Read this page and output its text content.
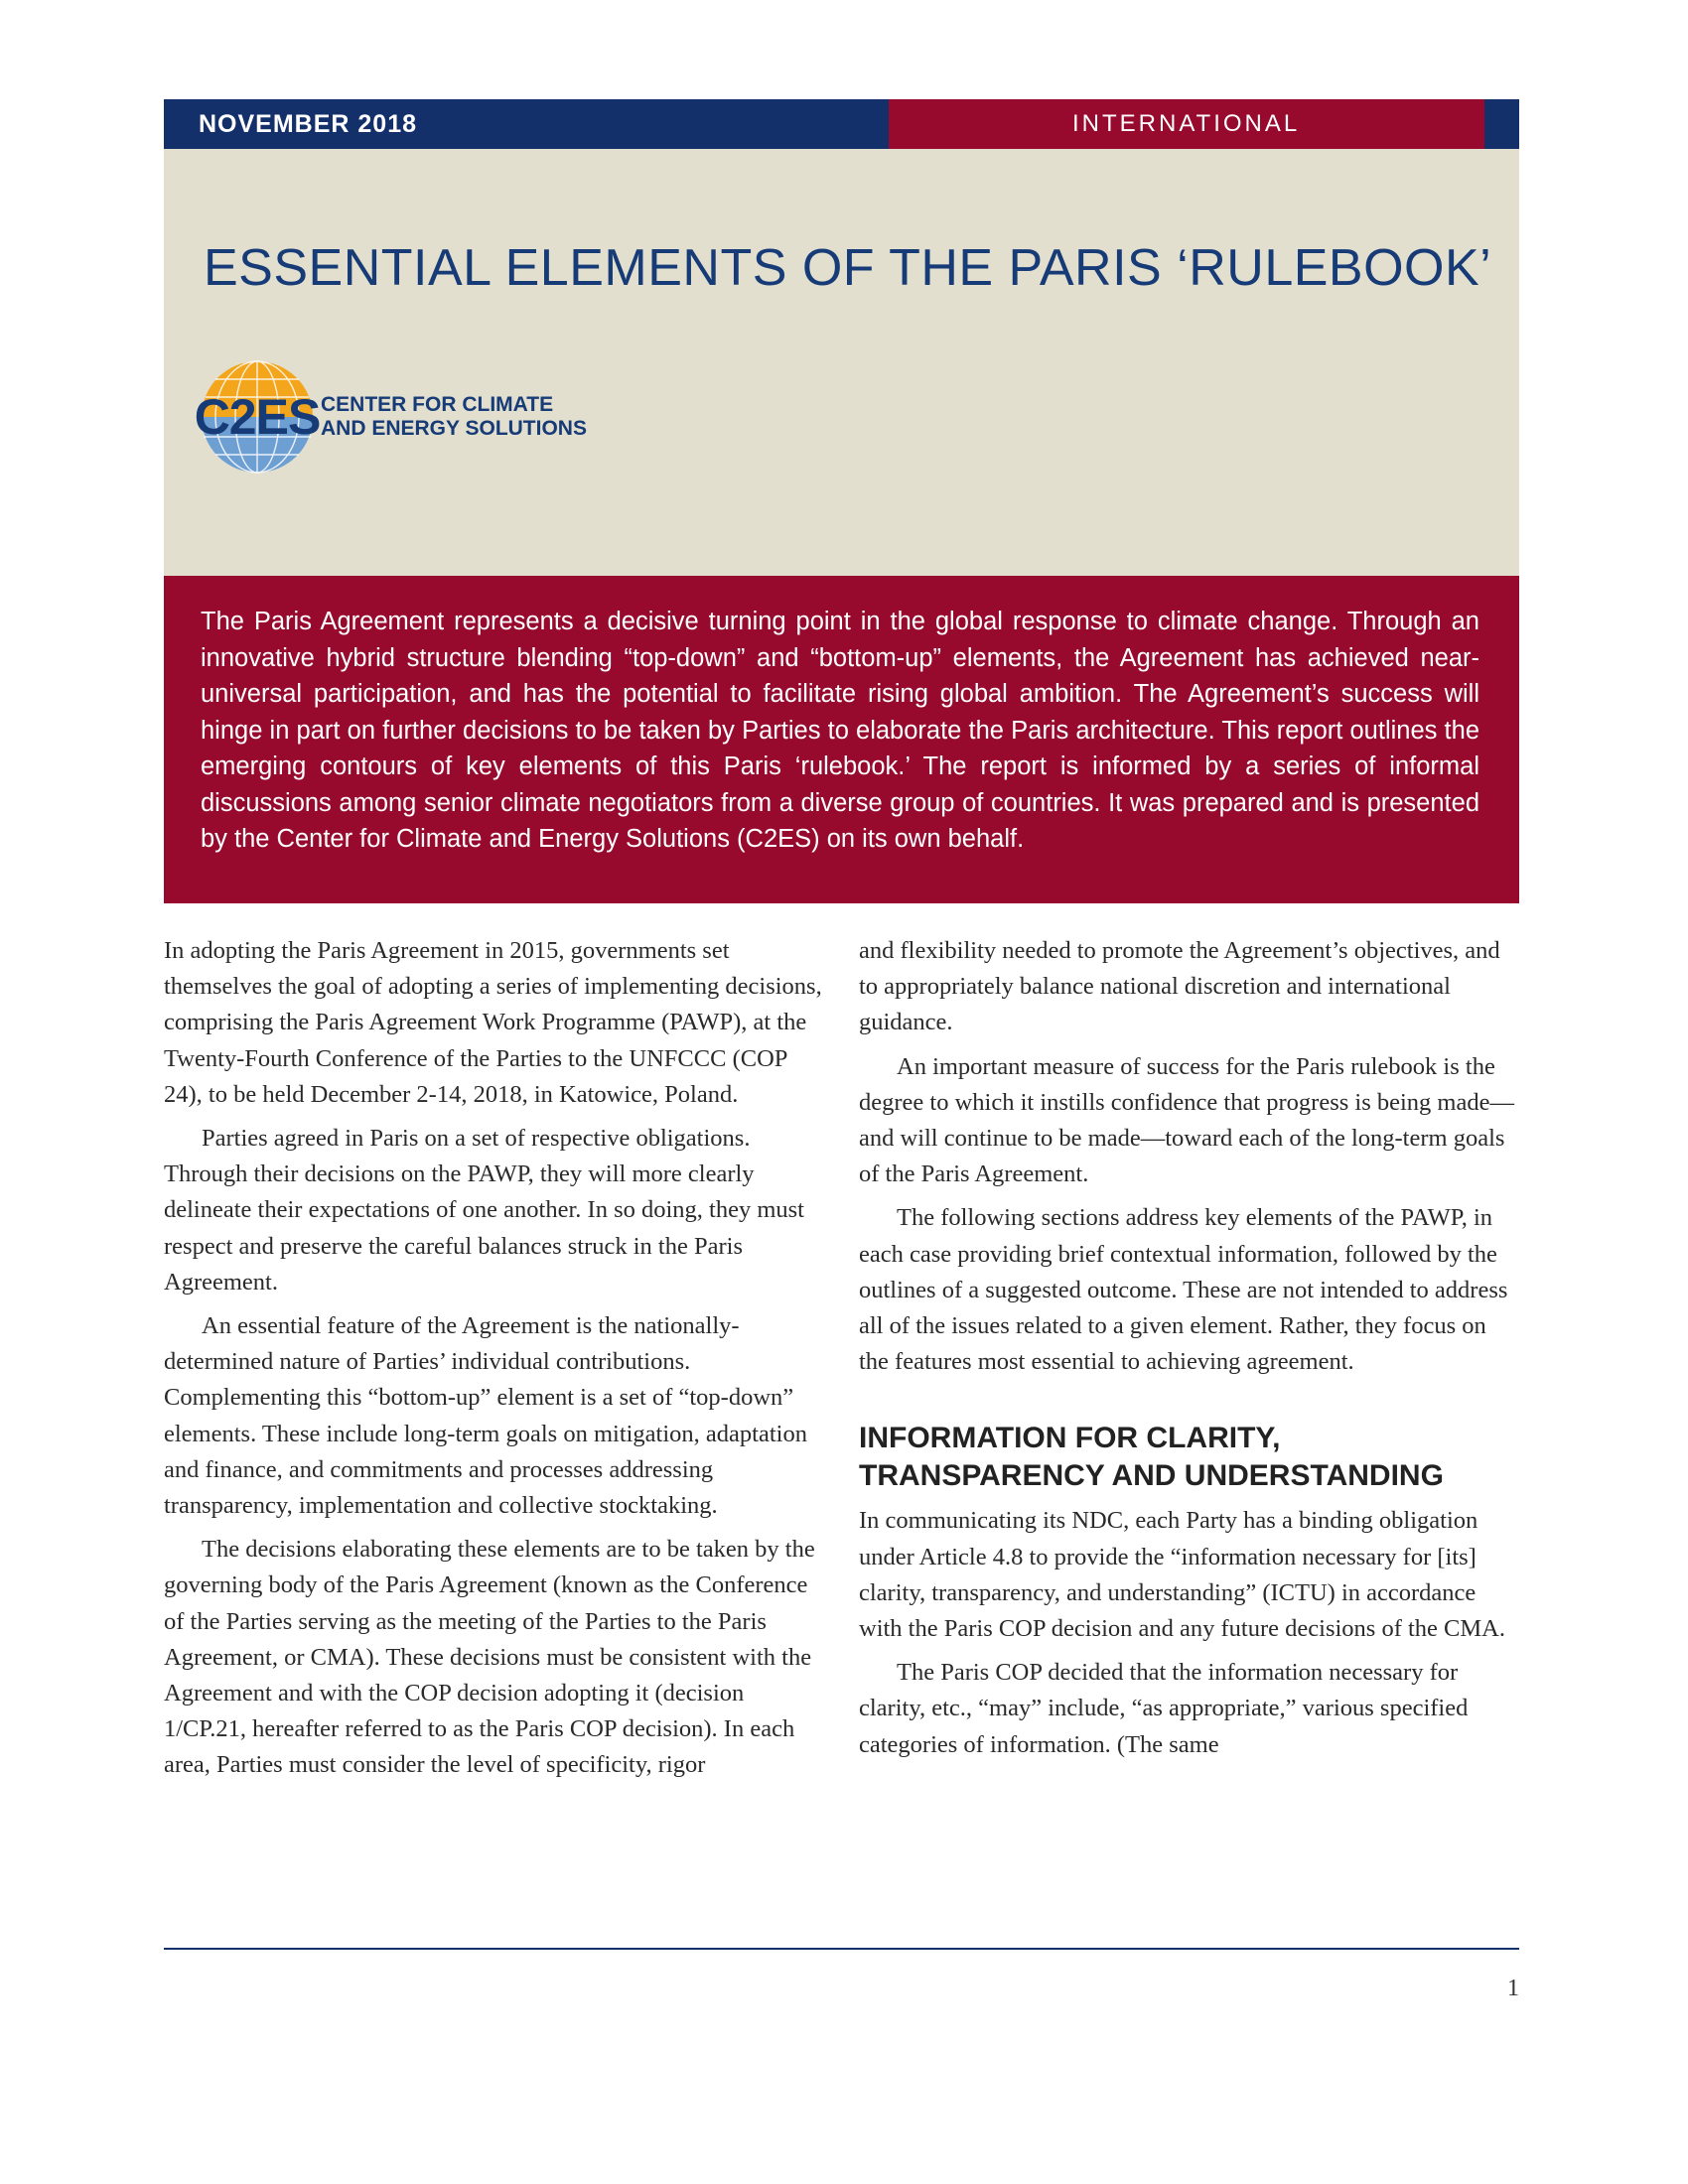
NOVEMBER 2018	INTERNATIONAL
ESSENTIAL ELEMENTS OF THE PARIS ‘RULEBOOK’
C2ES CENTER FOR CLIMATE
AND ENERGY SOLUTIONS
The Paris Agreement represents a decisive turning point in the global response to climate change. Through an innovative hybrid structure blending “top-down” and “bottom-up” elements, the Agreement has achieved near-universal participation, and has the potential to facilitate rising global ambition. The Agreement’s success will hinge in part on further decisions to be taken by Parties to elaborate the Paris architecture. This report outlines the emerging contours of key elements of this Paris ‘rulebook.’ The report is informed by a series of informal discussions among senior climate negotiators from a diverse group of countries. It was prepared and is presented by the Center for Climate and Energy Solutions (C2ES) on its own behalf.

In adopting the Paris Agreement in 2015, governments set themselves the goal of adopting a series of implementing decisions, comprising the Paris Agreement Work Programme (PAWP), at the Twenty-Fourth Conference of the Parties to the UNFCCC (COP 24), to be held December 2-14, 2018, in Katowice, Poland.

Parties agreed in Paris on a set of respective obligations. Through their decisions on the PAWP, they will more clearly delineate their expectations of one another. In so doing, they must respect and preserve the careful balances struck in the Paris Agreement.

An essential feature of the Agreement is the nationally-determined nature of Parties’ individual contributions. Complementing this “bottom-up” element is a set of “top-down” elements. These include long-term goals on mitigation, adaptation and finance, and commitments and processes addressing transparency, implementation and collective stocktaking.

The decisions elaborating these elements are to be taken by the governing body of the Paris Agreement (known as the Conference of the Parties serving as the meeting of the Parties to the Paris Agreement, or CMA). These decisions must be consistent with the Agreement and with the COP decision adopting it (decision 1/CP.21, hereafter referred to as the Paris COP decision). In each area, Parties must consider the level of specificity, rigor

and flexibility needed to promote the Agreement’s objectives, and to appropriately balance national discretion and international guidance.

An important measure of success for the Paris rulebook is the degree to which it instills confidence that progress is being made—and will continue to be made—toward each of the long-term goals of the Paris Agreement.

The following sections address key elements of the PAWP, in each case providing brief contextual information, followed by the outlines of a suggested outcome. These are not intended to address all of the issues related to a given element. Rather, they focus on the features most essential to achieving agreement.

INFORMATION FOR CLARITY, TRANSPARENCY AND UNDERSTANDING

In communicating its NDC, each Party has a binding obligation under Article 4.8 to provide the “information necessary for [its] clarity, transparency, and understanding” (ICTU) in accordance with the Paris COP decision and any future decisions of the CMA.

The Paris COP decided that the information necessary for clarity, etc., “may” include, “as appropriate,” various specified categories of information. (The same

1
